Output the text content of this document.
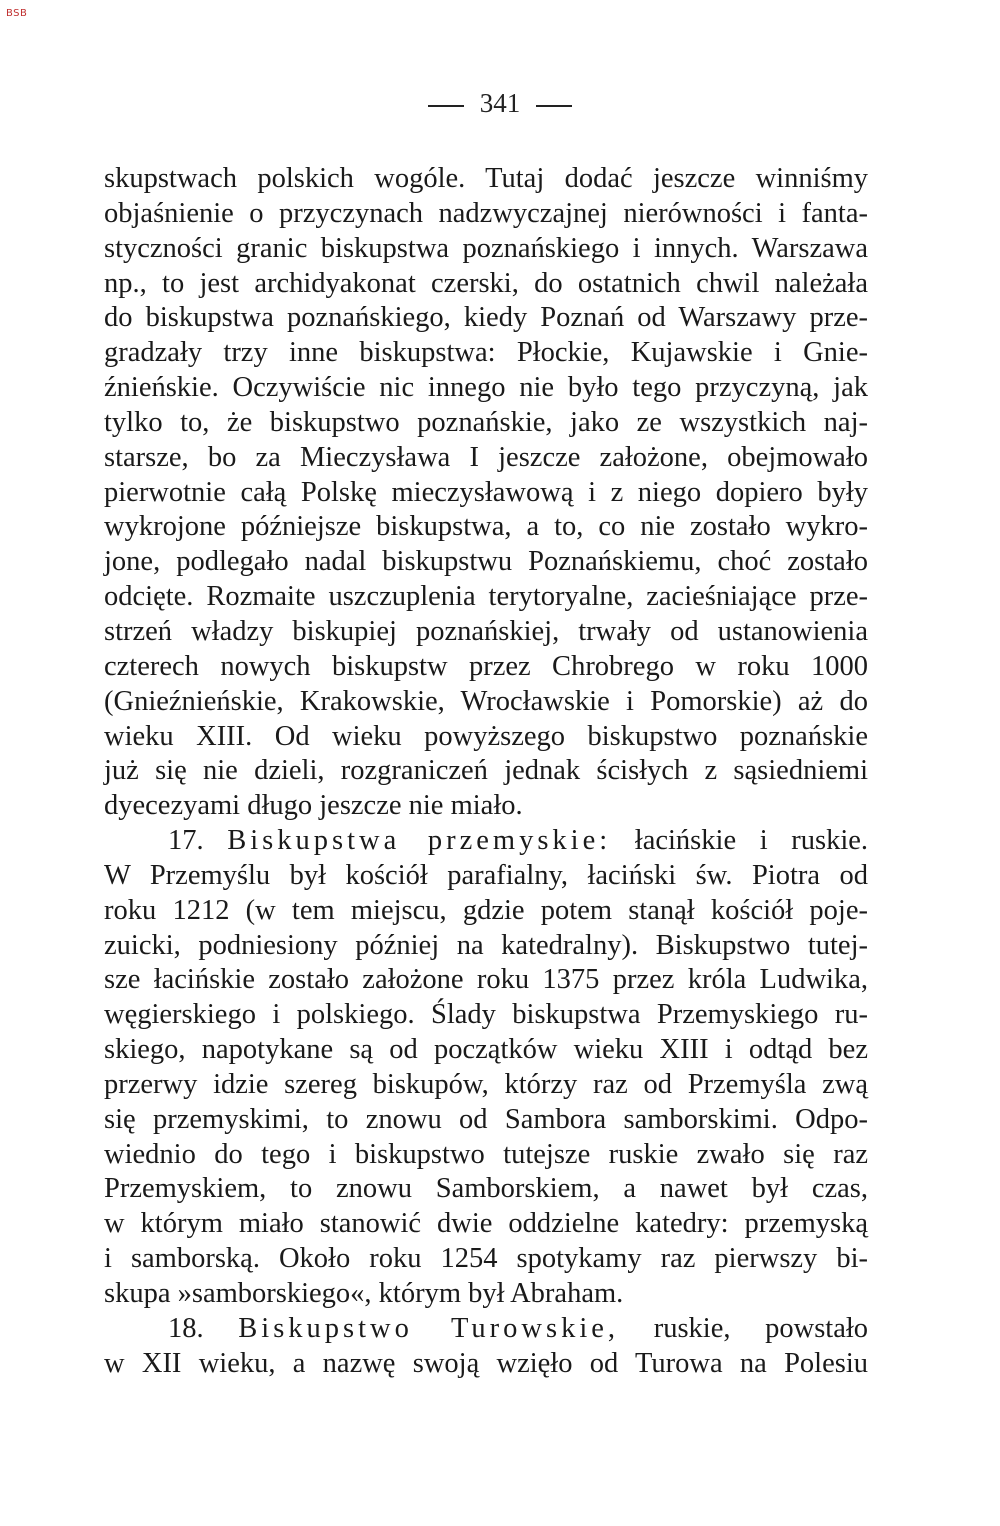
BSB
341
skupstwach polskich wogóle. Tutaj dodać jeszcze winniśmy
objaśnienie o przyczynach nadzwyczajnej nierówności i fanta-
styczności granic biskupstwa poznańskiego i innych. Warszawa
np., to jest archidyakonat czerski, do ostatnich chwil należała
do biskupstwa poznańskiego, kiedy Poznań od Warszawy prze-
gradzały trzy inne biskupstwa: Płockie, Kujawskie i Gnie-
źnieńskie. Oczywiście nic innego nie było tego przyczyną, jak
tylko to, że biskupstwo poznańskie, jako ze wszystkich naj-
starsze, bo za Mieczysława I jeszcze założone, obejmowało
pierwotnie całą Polskę mieczysławową i z niego dopiero były
wykrojone późniejsze biskupstwa, a to, co nie zostało wykro-
jone, podlegało nadal biskupstwu Poznańskiemu, choć zostało
odcięte. Rozmaite uszczuplenia terytoryalne, zacieśniające prze-
strzeń władzy biskupiej poznańskiej, trwały od ustanowienia
czterech nowych biskupstw przez Chrobrego w roku 1000
(Gnieźnieńskie, Krakowskie, Wrocławskie i Pomorskie) aż do
wieku XIII. Od wieku powyższego biskupstwo poznańskie
już się nie dzieli, rozgraniczeń jednak ścisłych z sąsiedniemi
dyecezyami długo jeszcze nie miało.
17. Biskupstwa przemyskie: łacińskie i ruskie.
W Przemyślu był kościół parafialny, łaciński św. Piotra od
roku 1212 (w tem miejscu, gdzie potem stanął kościół poje-
zuicki, podniesiony później na katedralny). Biskupstwo tutej-
sze łacińskie zostało założone roku 1375 przez króla Ludwika,
węgierskiego i polskiego. Ślady biskupstwa Przemyskiego ru-
skiego, napotykane są od początków wieku XIII i odtąd bez
przerwy idzie szereg biskupów, którzy raz od Przemyśla zwą
się przemyskimi, to znowu od Sambora samborskimi. Odpo-
wiednio do tego i biskupstwo tutejsze ruskie zwało się raz
Przemyskiem, to znowu Samborskiem, a nawet był czas,
w którym miało stanowić dwie oddzielne katedry: przemyską
i samborską. Około roku 1254 spotykamy raz pierwszy bi-
skupa »samborskiego«, którym był Abraham.
18. Biskupstwo Turowskie, ruskie, powstało
w XII wieku, a nazwę swoją wzięło od Turowa na Polesiu
